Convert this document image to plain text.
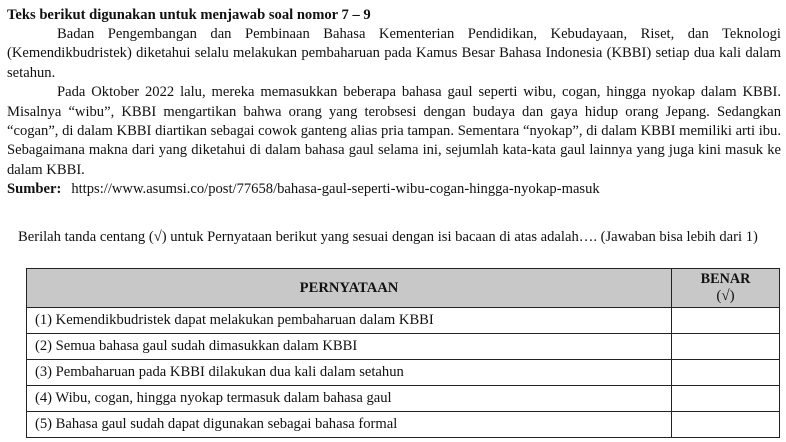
Teks berikut digunakan untuk menjawab soal nomor 7 – 9

Badan Pengembangan dan Pembinaan Bahasa Kementerian Pendidikan, Kebudayaan, Riset, dan Teknologi (Kemendikbudristek) diketahui selalu melakukan pembaharuan pada Kamus Besar Bahasa Indonesia (KBBI) setiap dua kali dalam setahun.

Pada Oktober 2022 lalu, mereka memasukkan beberapa bahasa gaul seperti wibu, cogan, hingga nyokap dalam KBBI. Misalnya “wibu”, KBBI mengartikan bahwa orang yang terobsesi dengan budaya dan gaya hidup orang Jepang. Sedangkan “cogan”, di dalam KBBI diartikan sebagai cowok ganteng alias pria tampan. Sementara “nyokap”, di dalam KBBI memiliki arti ibu. Sebagaimana makna dari yang diketahui di dalam bahasa gaul selama ini, sejumlah kata-kata gaul lainnya yang juga kini masuk ke dalam KBBI.

Sumber: https://www.asumsi.co/post/77658/bahasa-gaul-seperti-wibu-cogan-hingga-nyokap-masuk

Berilah tanda centang (√) untuk Pernyataan berikut yang sesuai dengan isi bacaan di atas adalah…. (Jawaban bisa lebih dari 1)

PERNYATAAN	BENAR
(√)

(1) Kemendikbudristek dapat melakukan pembaharuan dalam KBBI	
(2) Semua bahasa gaul sudah dimasukkan dalam KBBI	
(3) Pembaharuan pada KBBI dilakukan dua kali dalam setahun	
(4) Wibu, cogan, hingga nyokap termasuk dalam bahasa gaul	
(5) Bahasa gaul sudah dapat digunakan sebagai bahasa formal	
